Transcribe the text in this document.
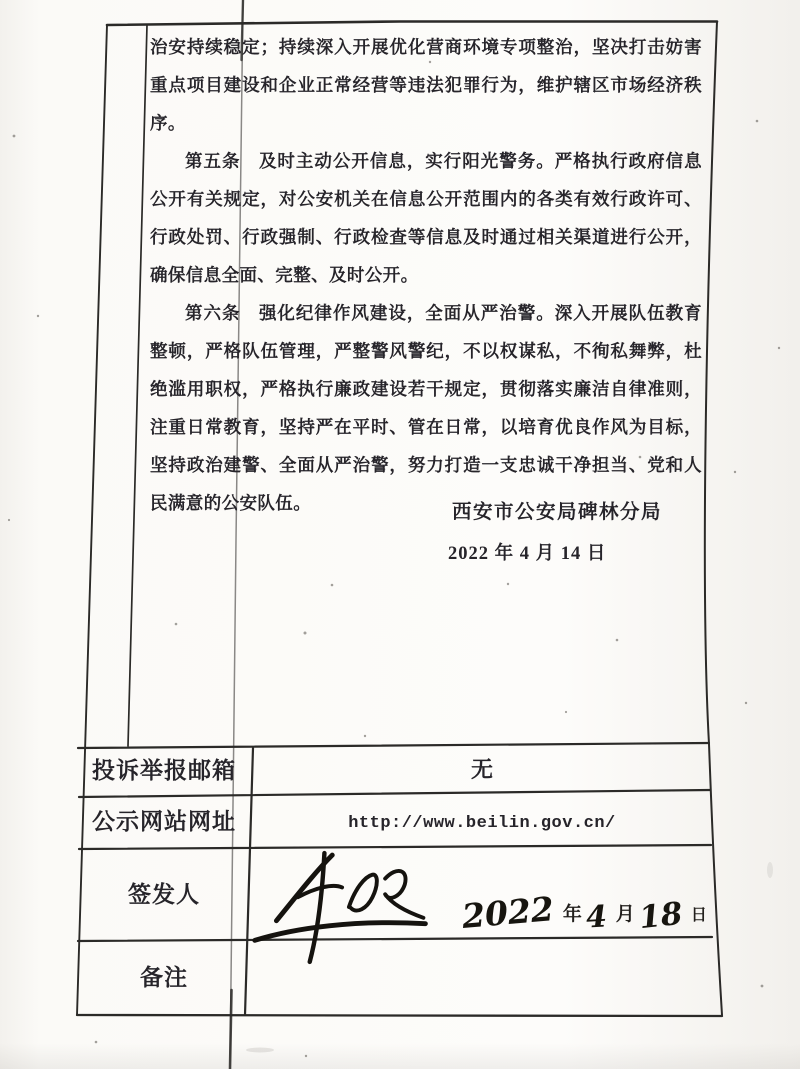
治安持续稳定；持续深入开展优化营商环境专项整治，坚决打击妨害重点项目建设和企业正常经营等违法犯罪行为，维护辖区市场经济秩序。

第五条　及时主动公开信息，实行阳光警务。严格执行政府信息公开有关规定，对公安机关在信息公开范围内的各类有效行政许可、行政处罚、行政强制、行政检查等信息及时通过相关渠道进行公开，确保信息全面、完整、及时公开。

第六条　强化纪律作风建设，全面从严治警。深入开展队伍教育整顿，严格队伍管理，严整警风警纪，不以权谋私，不徇私舞弊，杜绝滥用职权，严格执行廉政建设若干规定，贯彻落实廉洁自律准则，注重日常教育，坚持严在平时、管在日常，以培育优良作风为目标，坚持政治建警、全面从严治警，努力打造一支忠诚干净担当、党和人民满意的公安队伍。	西安市公安局碑林分局
2022 年 4 月 14 日
投诉举报邮箱	无
公示网站网址	http://www.beilin.gov.cn/
签发人	2022 年 4 月 18 日
备注
